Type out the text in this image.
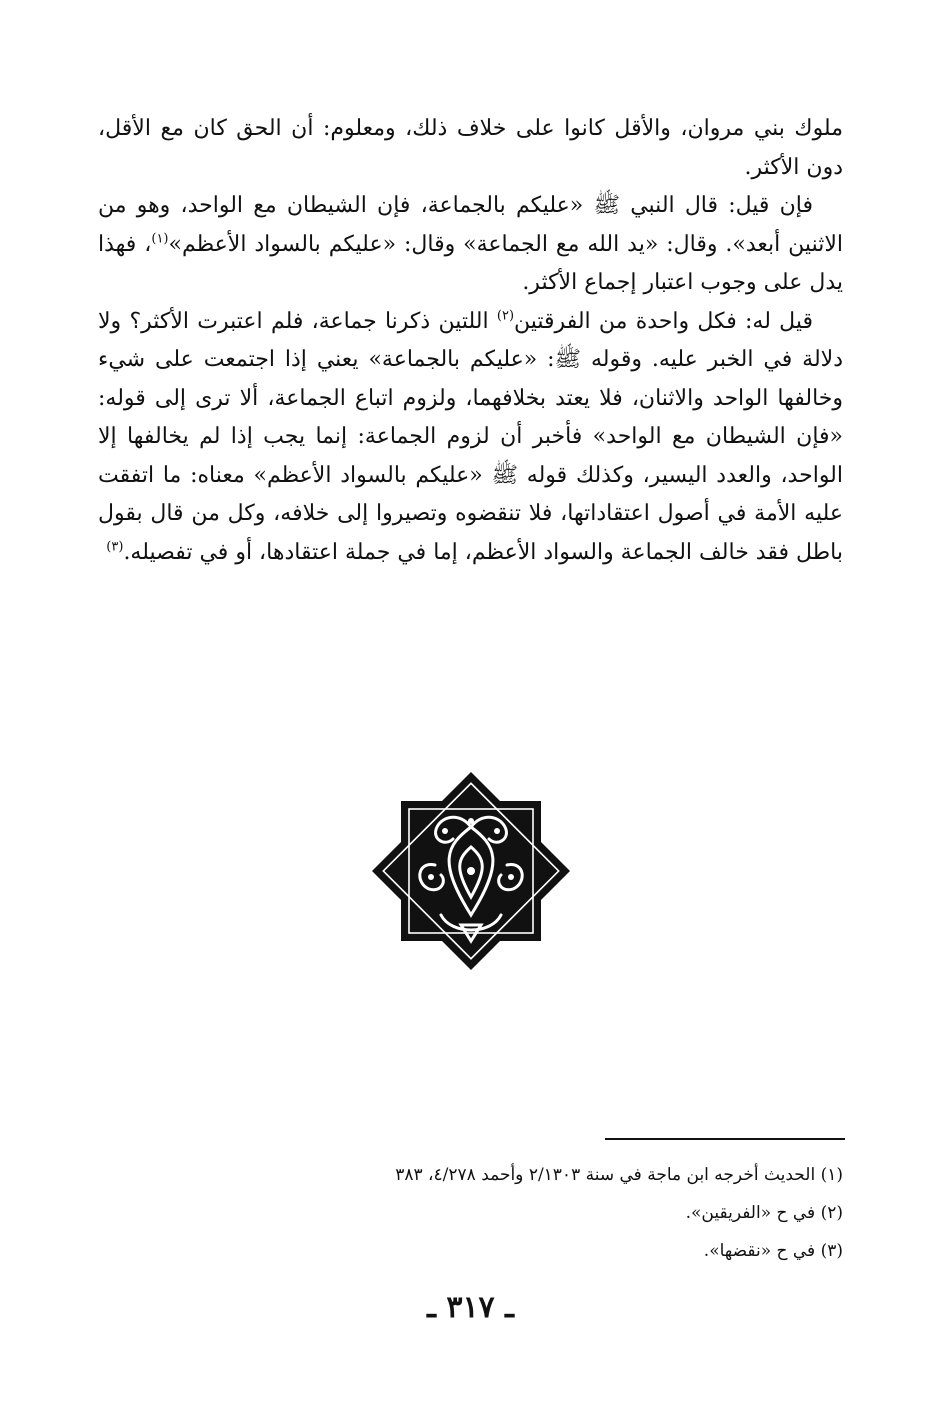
ملوك بني مروان، والأقل كانوا على خلاف ذلك، ومعلوم: أن الحق كان مع الأقل، دون الأكثر.

فإن قيل: قال النبي ﷺ «عليكم بالجماعة، فإن الشيطان مع الواحد، وهو من الاثنين أبعد». وقال: «يد الله مع الجماعة» وقال: «عليكم بالسواد الأعظم»$^{(١)}$، فهذا يدل على وجوب اعتبار إجماع الأكثر.

قيل له: فكل واحدة من الفرقتين$^{(٢)}$ اللتين ذكرنا جماعة، فلم اعتبرت الأكثر؟ ولا دلالة في الخبر عليه. وقوله ﷺ: «عليكم بالجماعة» يعني إذا اجتمعت على شيء وخالفها الواحد والاثنان، فلا يعتد بخلافهما، ولزوم اتباع الجماعة، ألا ترى إلى قوله: «فإن الشيطان مع الواحد» فأخبر أن لزوم الجماعة: إنما يجب إذا لم يخالفها إلا الواحد، والعدد اليسير، وكذلك قوله ﷺ «عليكم بالسواد الأعظم» معناه: ما اتفقت عليه الأمة في أصول اعتقاداتها، فلا تنقضوه وتصيروا إلى خلافه، وكل من قال بقول باطل فقد خالف الجماعة والسواد الأعظم، إما في جملة اعتقادها، أو في تفصيله.$^{(٣)}$

(١) الحديث أخرجه ابن ماجة في سنة ٢/١٣٠٣ وأحمد ٤/٢٧٨، ٣٨٣
(٢) في ح «الفريقين».
(٣) في ح «نقضها».
ـ ٣١٧ ـ
